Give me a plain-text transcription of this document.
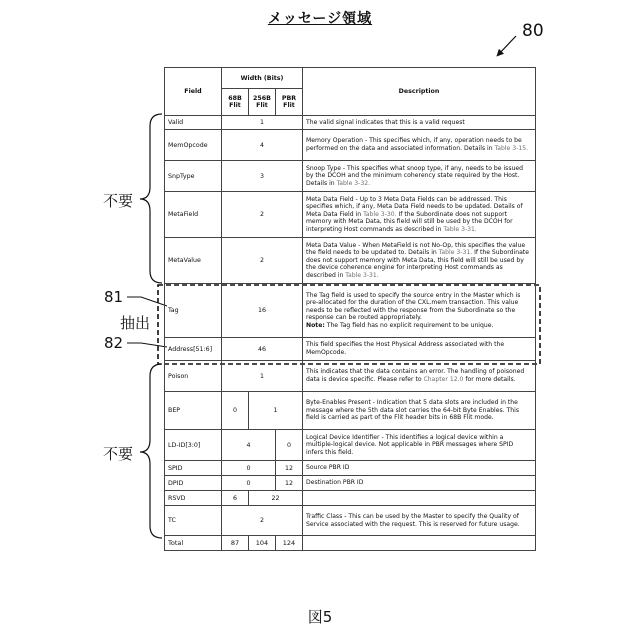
メッセージ領域
80
不要
抽出
不要
81
82
Field	Width (Bits)	Description
68B
Flit	256B
Flit	PBR
Flit
Valid	1	The valid signal indicates that this is a valid request
MemOpcode	4	Memory Operation - This specifies which, if any, operation needs to be performed on the data and associated information. Details in Table 3-15.
SnpType	3	Snoop Type - This specifies what snoop type, if any, needs to be issued by the DCOH and the minimum coherency state required by the Host. Details in Table 3-32.
MetaField	2	Meta Data Field - Up to 3 Meta Data Fields can be addressed. This specifies which, if any, Meta Data Field needs to be updated. Details of Meta Data Field in Table 3-30. If the Subordinate does not support memory with Meta Data, this field will still be used by the DCOH for interpreting Host commands as described in Table 3-31.
MetaValue	2	Meta Data Value - When MetaField is not No-Op, this specifies the value the field needs to be updated to. Details in Table 3-31. If the Subordinate does not support memory with Meta Data, this field will still be used by the device coherence engine for interpreting Host commands as described in Table 3-31.
Tag	16	The Tag field is used to specify the source entry in the Master which is pre-allocated for the duration of the CXL.mem transaction. This value needs to be reflected with the response from the Subordinate so the response can be routed appropriately.
Note: The Tag field has no explicit requirement to be unique.
Address[51:6]	46	This field specifies the Host Physical Address associated with the MemOpcode.
Poison	1	This indicates that the data contains an error. The handling of poisoned data is device specific. Please refer to Chapter 12.0 for more details.
BEP	0	1	Byte-Enables Present - Indication that 5 data slots are included in the message where the 5th data slot carries the 64-bit Byte Enables. This field is carried as part of the Flit header bits in 68B Flit mode.
LD-ID[3:0]	4	0	Logical Device Identifier - This identifies a logical device within a multiple-logical device. Not applicable in PBR messages where SPID infers this field.
SPID	0	12	Source PBR ID
DPID	0	12	Destination PBR ID
RSVD	6	22	
TC	2	Traffic Class - This can be used by the Master to specify the Quality of Service associated with the request. This is reserved for future usage.
Total	87	104	124	
図5
